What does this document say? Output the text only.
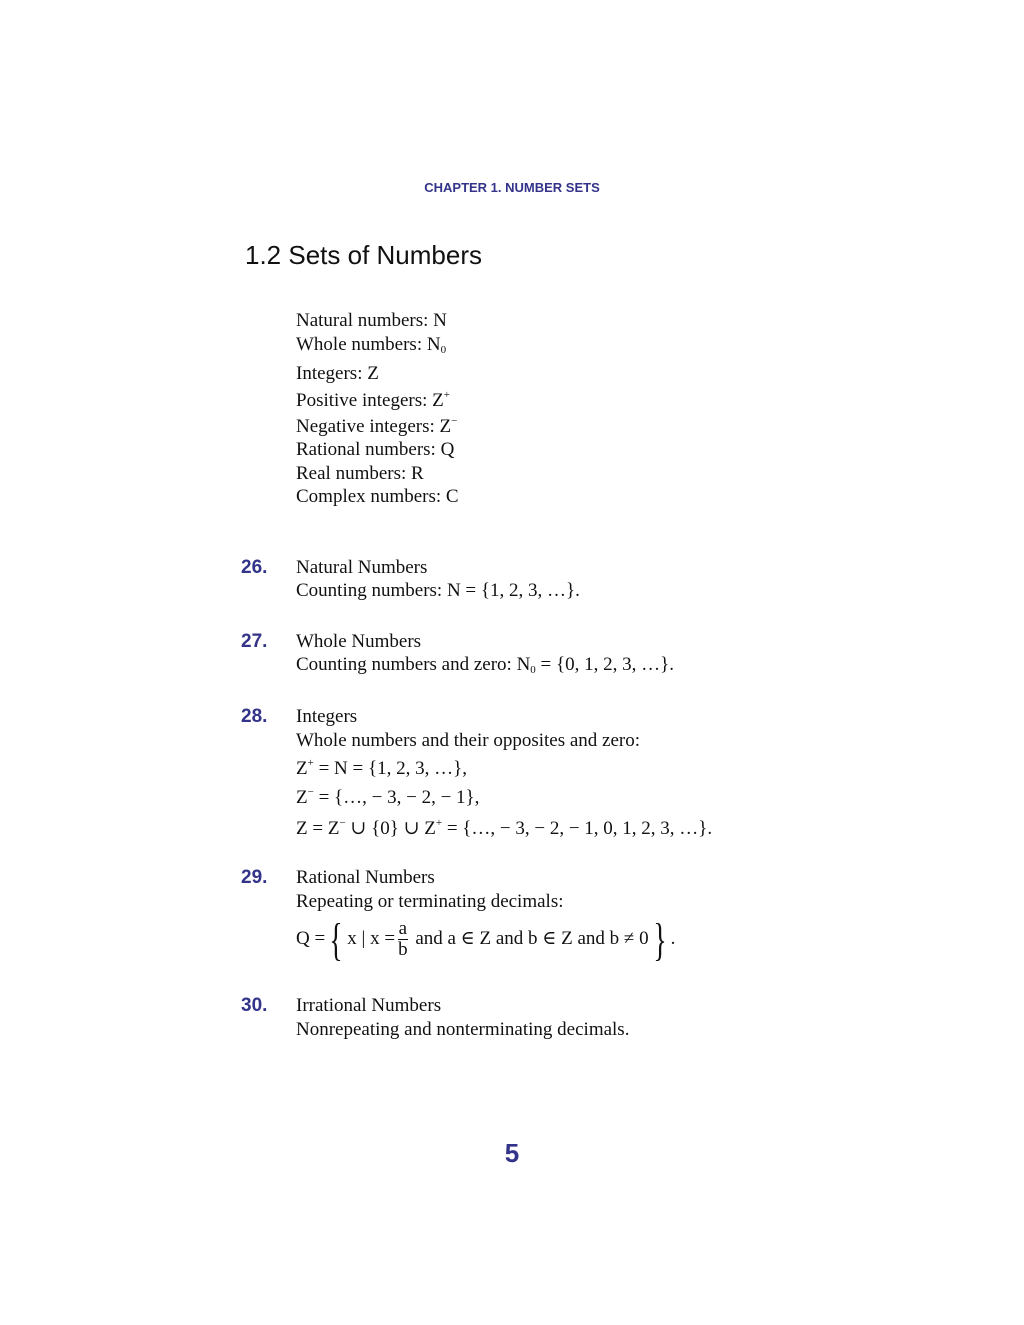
CHAPTER 1. NUMBER SETS
1.2 Sets of Numbers
Natural numbers: N
Whole numbers: $N_0$
Integers: Z
Positive integers: Z+
Negative integers: Z−
Rational numbers: Q
Real numbers: R
Complex numbers: C
26. Natural Numbers
Counting numbers: N = {1, 2, 3, …}.
27. Whole Numbers
Counting numbers and zero: $N_0 = \{0$, 1, 2, 3, …}.
28. Integers
Whole numbers and their opposites and zero:
Z+ = N = {1, 2, 3, …},
Z− = {…, − 3, − 2, − 1},
Z = Z− ∪ {0} ∪ Z+ = {…, − 3, − 2, − 1, 0, 1, 2, 3, …}.
29. Rational Numbers
Repeating or terminating decimals:
Q ={ x | $x = \frac{a}{b}$ and a ∈ Z and b ∈ Z and b ≠ 0} .
30. Irrational Numbers
Nonrepeating and nonterminating decimals.
5
